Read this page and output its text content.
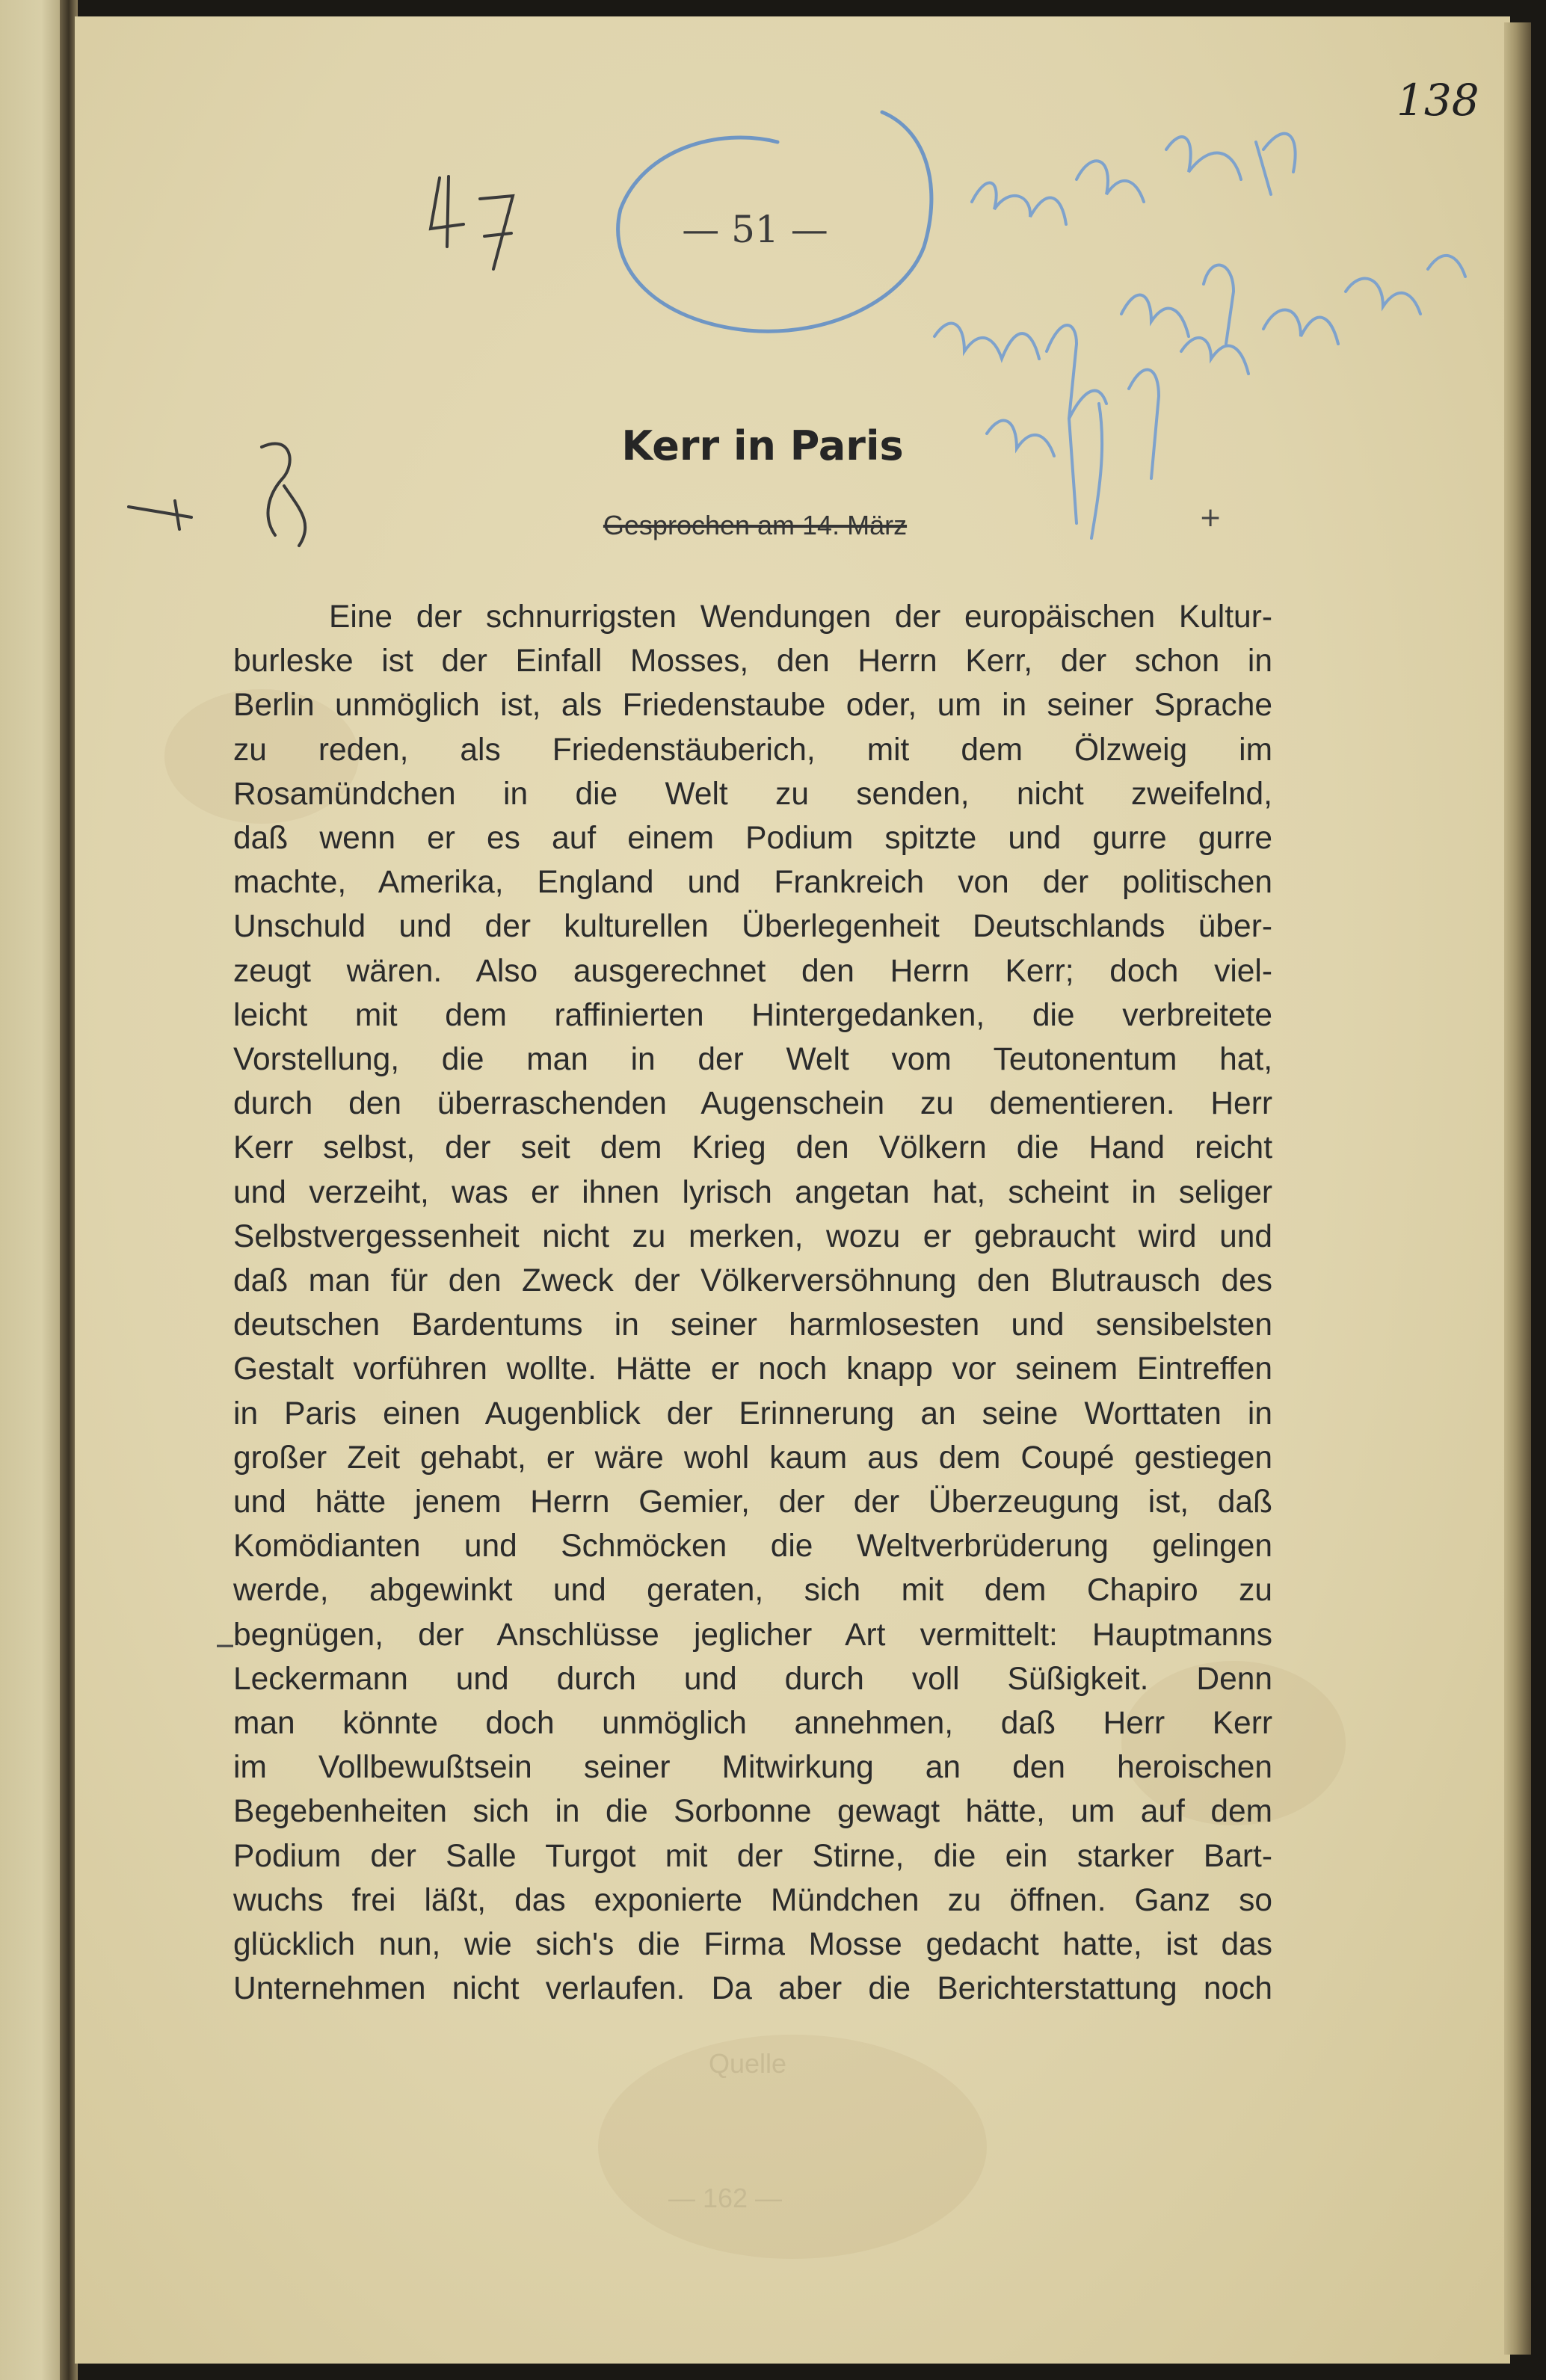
138
— 51 —
Kerr in Paris
Gesprochen am 14. März	+
Eine der schnurrigsten Wendungen der europäischen Kultur-
burleske ist der Einfall Mosses, den Herrn Kerr, der schon in
Berlin unmöglich ist, als Friedenstaube oder, um in seiner Sprache
zu reden, als Friedenstäuberich, mit dem Ölzweig im
Rosamündchen in die Welt zu senden, nicht zweifelnd,
daß wenn er es auf einem Podium spitzte und gurre gurre
machte, Amerika, England und Frankreich von der politischen
Unschuld und der kulturellen Überlegenheit Deutschlands über-
zeugt wären. Also ausgerechnet den Herrn Kerr; doch viel-
leicht mit dem raffinierten Hintergedanken, die verbreitete
Vorstellung, die man in der Welt vom Teutonentum hat,
durch den überraschenden Augenschein zu dementieren. Herr
Kerr selbst, der seit dem Krieg den Völkern die Hand reicht
und verzeiht, was er ihnen lyrisch angetan hat, scheint in seliger
Selbstvergessenheit nicht zu merken, wozu er gebraucht wird und
daß man für den Zweck der Völkerversöhnung den Blutrausch des
deutschen Bardentums in seiner harmlosesten und sensibelsten
Gestalt vorführen wollte. Hätte er noch knapp vor seinem Eintreffen
in Paris einen Augenblick der Erinnerung an seine Worttaten in
großer Zeit gehabt, er wäre wohl kaum aus dem Coupé gestiegen
und hätte jenem Herrn Gemier, der der Überzeugung ist, daß
Komödianten und Schmöcken die Weltverbrüderung gelingen
werde, abgewinkt und geraten, sich mit dem Chapiro zu
begnügen, der Anschlüsse jeglicher Art vermittelt: Hauptmanns
Leckermann und durch und durch voll Süßigkeit. Denn
man könnte doch unmöglich annehmen, daß Herr Kerr
im Vollbewußtsein seiner Mitwirkung an den heroischen
Begebenheiten sich in die Sorbonne gewagt hätte, um auf dem
Podium der Salle Turgot mit der Stirne, die ein starker Bart-
wuchs frei läßt, das exponierte Mündchen zu öffnen. Ganz so
glücklich nun, wie sich's die Firma Mosse gedacht hatte, ist das
Unternehmen nicht verlaufen. Da aber die Berichterstattung noch
Quelle
— 162 —
